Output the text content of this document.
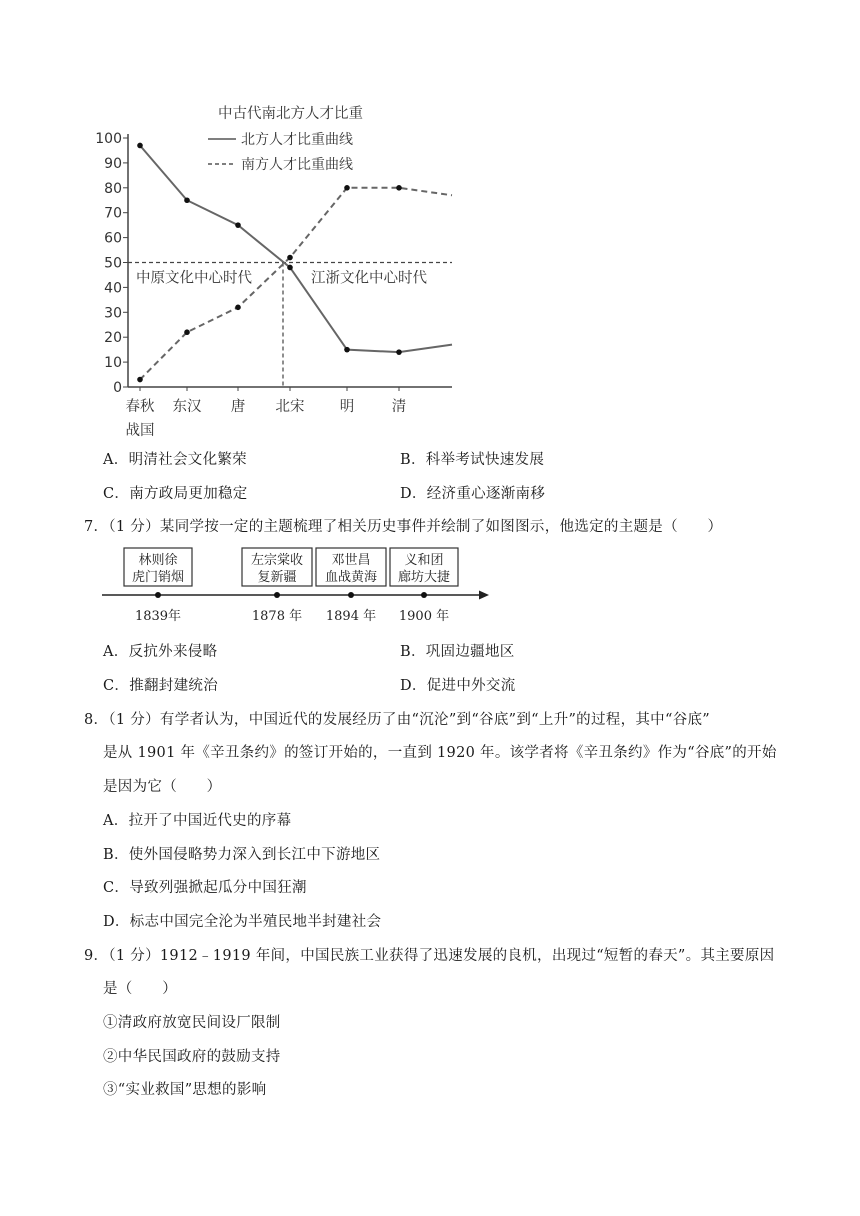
中古代南北方人才比重
北方人才比重曲线
南方人才比重曲线
0
10
20
30
40
50
60
70
80
90
100
春秋
战国
东汉 唐 北宋 明	清
中原文化中心时代	江浙文化中心时代
A．明清社会文化繁荣	B．科举考试快速发展
C．南方政局更加稳定	D．经济重心逐渐南移
7．（1 分）某同学按一定的主题梳理了相关历史事件并绘制了如图图示，他选定的主题是（　　）
林则徐
虎门销烟
1839年
左宗棠收
复新疆
1878 年
邓世昌
血战黄海
1894 年
义和团
廊坊大捷
1900 年
A．反抗外来侵略	B．巩固边疆地区
C．推翻封建统治	D．促进中外交流
8．（1 分）有学者认为，中国近代的发展经历了由“沉沦”到“谷底”到“上升”的过程，其中“谷底”
是从 1901 年《辛丑条约》的签订开始的，一直到 1920 年。该学者将《辛丑条约》作为“谷底”的开始
是因为它（　　）
A．拉开了中国近代史的序幕
B．使外国侵略势力深入到长江中下游地区
C．导致列强掀起瓜分中国狂潮
D．标志中国完全沦为半殖民地半封建社会
9．（1 分）1912﹣1919 年间，中国民族工业获得了迅速发展的良机，出现过“短暂的春天”。其主要原因
是（　　）
①清政府放宽民间设厂限制
②中华民国政府的鼓励支持
③“实业救国”思想的影响
